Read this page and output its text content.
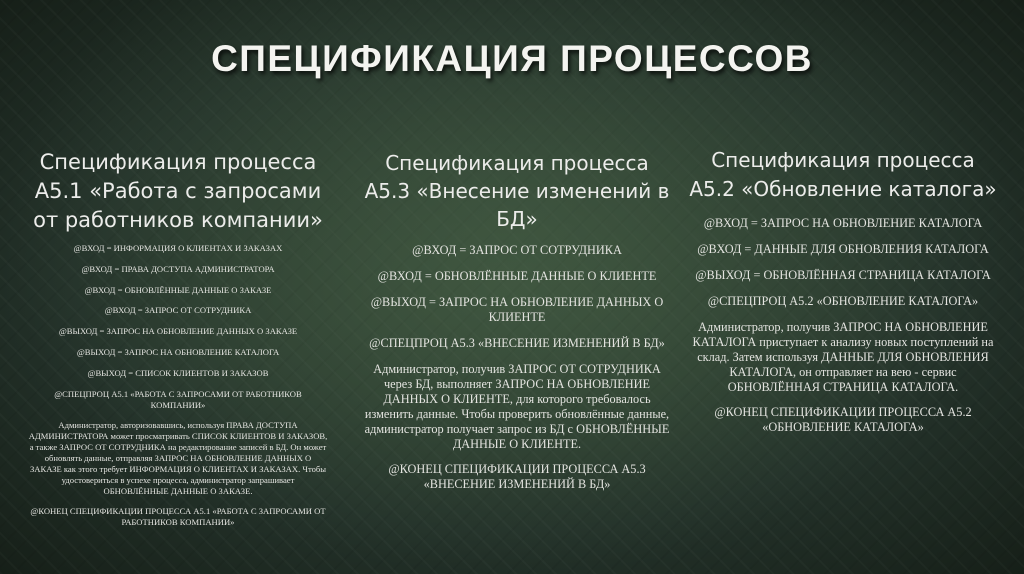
СПЕЦИФИКАЦИЯ ПРОЦЕССОВ
Спецификация процесса А5.1 «Работа с запросами от работников компании»

@ВХОД = ИНФОРМАЦИЯ О КЛИЕНТАХ И ЗАКАЗАХ

@ВХОД = ПРАВА ДОСТУПА АДМИНИСТРАТОРА

@ВХОД = ОБНОВЛЁННЫЕ ДАННЫЕ О ЗАКАЗЕ

@ВХОД = ЗАПРОС ОТ СОТРУДНИКА

@ВЫХОД = ЗАПРОС НА ОБНОВЛЕНИЕ ДАННЫХ О ЗАКАЗЕ

@ВЫХОД = ЗАПРОС НА ОБНОВЛЕНИЕ КАТАЛОГА

@ВЫХОД = СПИСОК КЛИЕНТОВ И ЗАКАЗОВ

@СПЕЦПРОЦ А5.1 «РАБОТА С ЗАПРОСАМИ ОТ РАБОТНИКОВ КОМПАНИИ»

Администратор, авторизовавшись, используя ПРАВА ДОСТУПА АДМИНИСТРАТОРА может просматривать СПИСОК КЛИЕНТОВ И ЗАКАЗОВ, а также ЗАПРОС ОТ СОТРУДНИКА на редактирование записей в БД. Он может обновлять данные, отправляя ЗАПРОС НА ОБНОВЛЕНИЕ ДАННЫХ О ЗАКАЗЕ как этого требует ИНФОРМАЦИЯ О КЛИЕНТАХ И ЗАКАЗАХ. Чтобы удостовериться в успехе процесса, администратор запрашивает ОБНОВЛЁННЫЕ ДАННЫЕ О ЗАКАЗЕ.

@КОНЕЦ СПЕЦИФИКАЦИИ ПРОЦЕССА А5.1 «РАБОТА С ЗАПРОСАМИ ОТ РАБОТНИКОВ КОМПАНИИ»

Спецификация процесса А5.3 «Внесение изменений в БД»

@ВХОД = ЗАПРОС ОТ СОТРУДНИКА

@ВХОД = ОБНОВЛЁННЫЕ ДАННЫЕ О КЛИЕНТЕ

@ВЫХОД = ЗАПРОС НА ОБНОВЛЕНИЕ ДАННЫХ О КЛИЕНТЕ

@СПЕЦПРОЦ А5.3 «ВНЕСЕНИЕ ИЗМЕНЕНИЙ В БД»

Администратор, получив ЗАПРОС ОТ СОТРУДНИКА через БД, выполняет ЗАПРОС НА ОБНОВЛЕНИЕ ДАННЫХ О КЛИЕНТЕ, для которого требовалось изменить данные. Чтобы проверить обновлённые данные, администратор получает запрос из БД с ОБНОВЛЁННЫЕ ДАННЫЕ О КЛИЕНТЕ.

@КОНЕЦ СПЕЦИФИКАЦИИ ПРОЦЕССА А5.3 «ВНЕСЕНИЕ ИЗМЕНЕНИЙ В БД»

Спецификация процесса А5.2 «Обновление каталога»

@ВХОД = ЗАПРОС НА ОБНОВЛЕНИЕ КАТАЛОГА

@ВХОД = ДАННЫЕ ДЛЯ ОБНОВЛЕНИЯ КАТАЛОГА

@ВЫХОД = ОБНОВЛЁННАЯ СТРАНИЦА КАТАЛОГА

@СПЕЦПРОЦ А5.2 «ОБНОВЛЕНИЕ КАТАЛОГА»

Администратор, получив ЗАПРОС НА ОБНОВЛЕНИЕ КАТАЛОГА приступает к анализу новых поступлений на склад. Затем используя ДАННЫЕ ДЛЯ ОБНОВЛЕНИЯ КАТАЛОГА, он отправляет на вею - сервис ОБНОВЛЁННАЯ СТРАНИЦА КАТАЛОГА.

@КОНЕЦ СПЕЦИФИКАЦИИ ПРОЦЕССА А5.2 «ОБНОВЛЕНИЕ КАТАЛОГА»
